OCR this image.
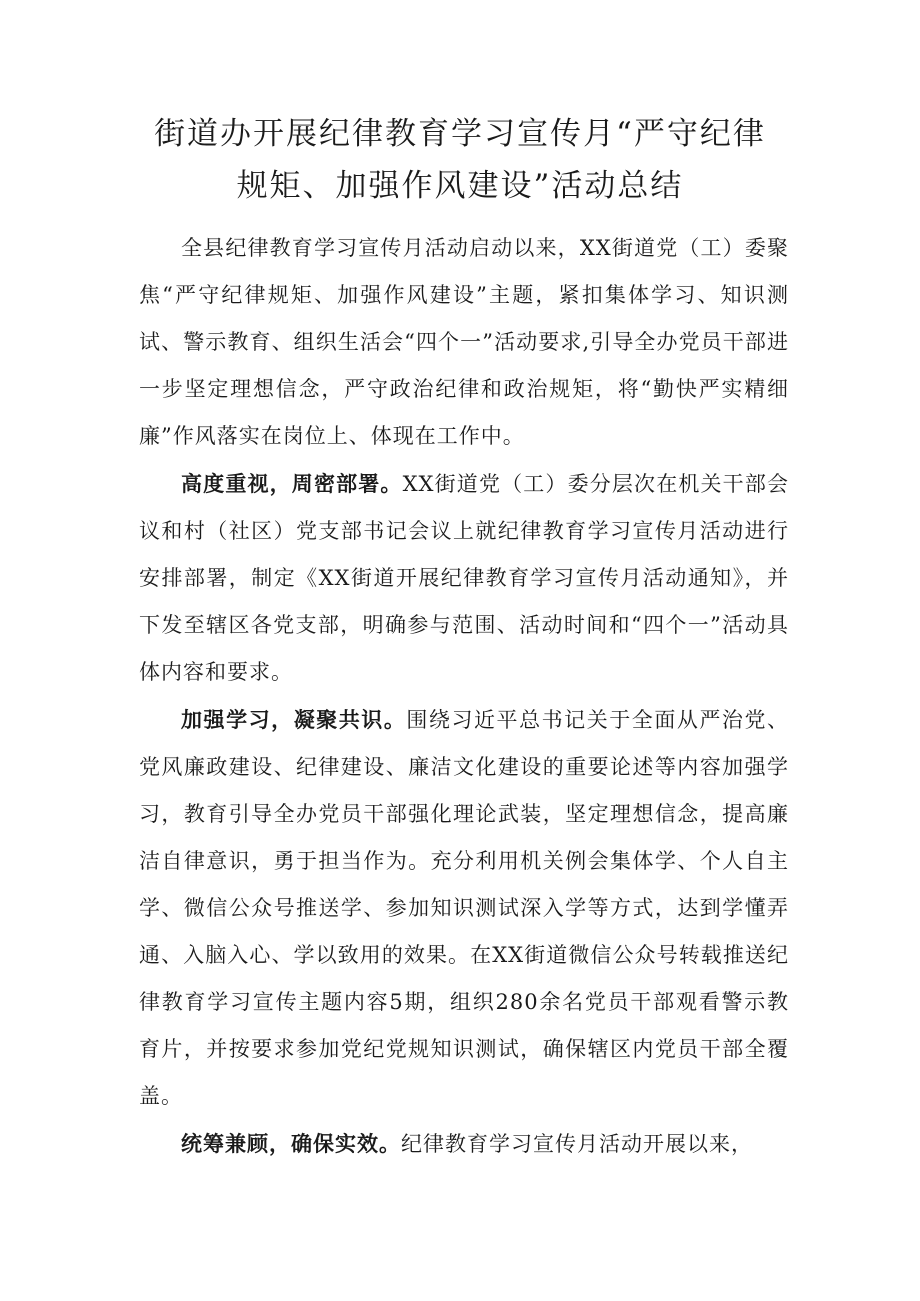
街道办开展纪律教育学习宣传月“严守纪律
规矩、加强作风建设”活动总结

全县纪律教育学习宣传月活动启动以来，XX街道党（工）委聚焦“严守纪律规矩、加强作风建设”主题，紧扣集体学习、知识测试、警示教育、组织生活会“四个一”活动要求,引导全办党员干部进一步坚定理想信念，严守政治纪律和政治规矩，将“勤快严实精细廉”作风落实在岗位上、体现在工作中。

高度重视，周密部署。XX街道党（工）委分层次在机关干部会议和村（社区）党支部书记会议上就纪律教育学习宣传月活动进行安排部署，制定《XX街道开展纪律教育学习宣传月活动通知》，并下发至辖区各党支部，明确参与范围、活动时间和“四个一”活动具体内容和要求。

加强学习，凝聚共识。围绕习近平总书记关于全面从严治党、党风廉政建设、纪律建设、廉洁文化建设的重要论述等内容加强学习，教育引导全办党员干部强化理论武装，坚定理想信念，提高廉洁自律意识，勇于担当作为。充分利用机关例会集体学、个人自主学、微信公众号推送学、参加知识测试深入学等方式，达到学懂弄通、入脑入心、学以致用的效果。在XX街道微信公众号转载推送纪律教育学习宣传主题内容5期，组织280余名党员干部观看警示教育片，并按要求参加党纪党规知识测试，确保辖区内党员干部全覆盖。

统筹兼顾，确保实效。纪律教育学习宣传月活动开展以来，
